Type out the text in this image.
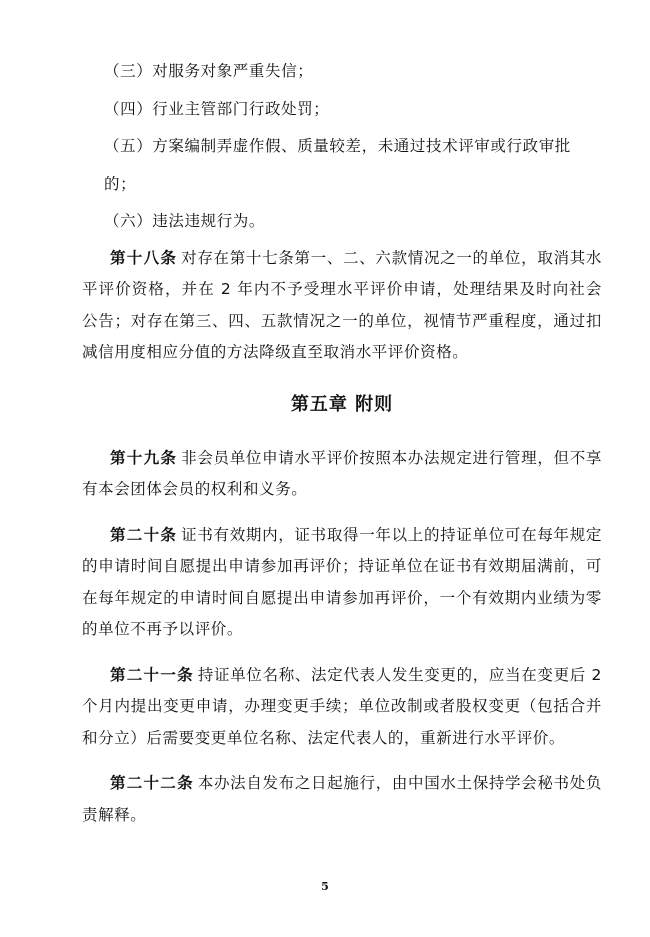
（三）对服务对象严重失信；

（四）行业主管部门行政处罚；

（五）方案编制弄虚作假、质量较差，未通过技术评审或行政审批的；

（六）违法违规行为。

第十八条 对存在第十七条第一、二、六款情况之一的单位，取消其水平评价资格，并在 2 年内不予受理水平评价申请，处理结果及时向社会公告；对存在第三、四、五款情况之一的单位，视情节严重程度，通过扣减信用度相应分值的方法降级直至取消水平评价资格。

第五章 附则

第十九条 非会员单位申请水平评价按照本办法规定进行管理，但不享有本会团体会员的权利和义务。

第二十条 证书有效期内，证书取得一年以上的持证单位可在每年规定的申请时间自愿提出申请参加再评价；持证单位在证书有效期届满前，可在每年规定的申请时间自愿提出申请参加再评价，一个有效期内业绩为零的单位不再予以评价。

第二十一条 持证单位名称、法定代表人发生变更的，应当在变更后 2 个月内提出变更申请，办理变更手续；单位改制或者股权变更（包括合并和分立）后需要变更单位名称、法定代表人的，重新进行水平评价。

第二十二条 本办法自发布之日起施行，由中国水土保持学会秘书处负责解释。

5
